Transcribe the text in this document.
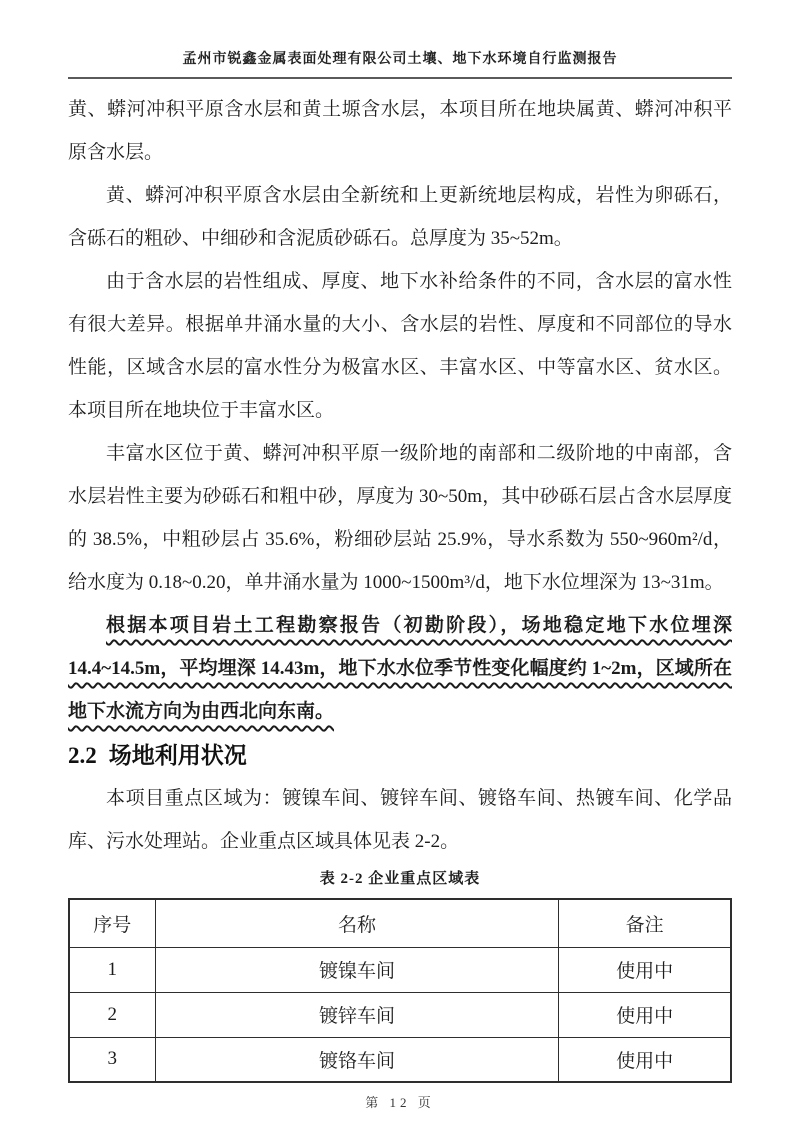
孟州市锐鑫金属表面处理有限公司土壤、地下水环境自行监测报告

黄、蟒河冲积平原含水层和黄土塬含水层，本项目所在地块属黄、蟒河冲积平原含水层。

黄、蟒河冲积平原含水层由全新统和上更新统地层构成，岩性为卵砾石，含砾石的粗砂、中细砂和含泥质砂砾石。总厚度为 35~52m。

由于含水层的岩性组成、厚度、地下水补给条件的不同，含水层的富水性有很大差异。根据单井涌水量的大小、含水层的岩性、厚度和不同部位的导水性能，区域含水层的富水性分为极富水区、丰富水区、中等富水区、贫水区。本项目所在地块位于丰富水区。

丰富水区位于黄、蟒河冲积平原一级阶地的南部和二级阶地的中南部，含水层岩性主要为砂砾石和粗中砂，厚度为 30~50m，其中砂砾石层占含水层厚度的 38.5%，中粗砂层占 35.6%，粉细砂层站 25.9%，导水系数为 550~960m²/d，给水度为 0.18~0.20，单井涌水量为 1000~1500m³/d，地下水位埋深为 13~31m。

根据本项目岩土工程勘察报告（初勘阶段），场地稳定地下水位埋深 14.4~14.5m，平均埋深 14.43m，地下水水位季节性变化幅度约 1~2m，区域所在地下水流方向为由西北向东南。

2.2 场地利用状况

本项目重点区域为：镀镍车间、镀锌车间、镀铬车间、热镀车间、化学品库、污水处理站。企业重点区域具体见表 2-2。

表 2-2 企业重点区域表
序号	名称	备注
1	镀镍车间	使用中
2	镀锌车间	使用中
3	镀铬车间	使用中
第 12 页
